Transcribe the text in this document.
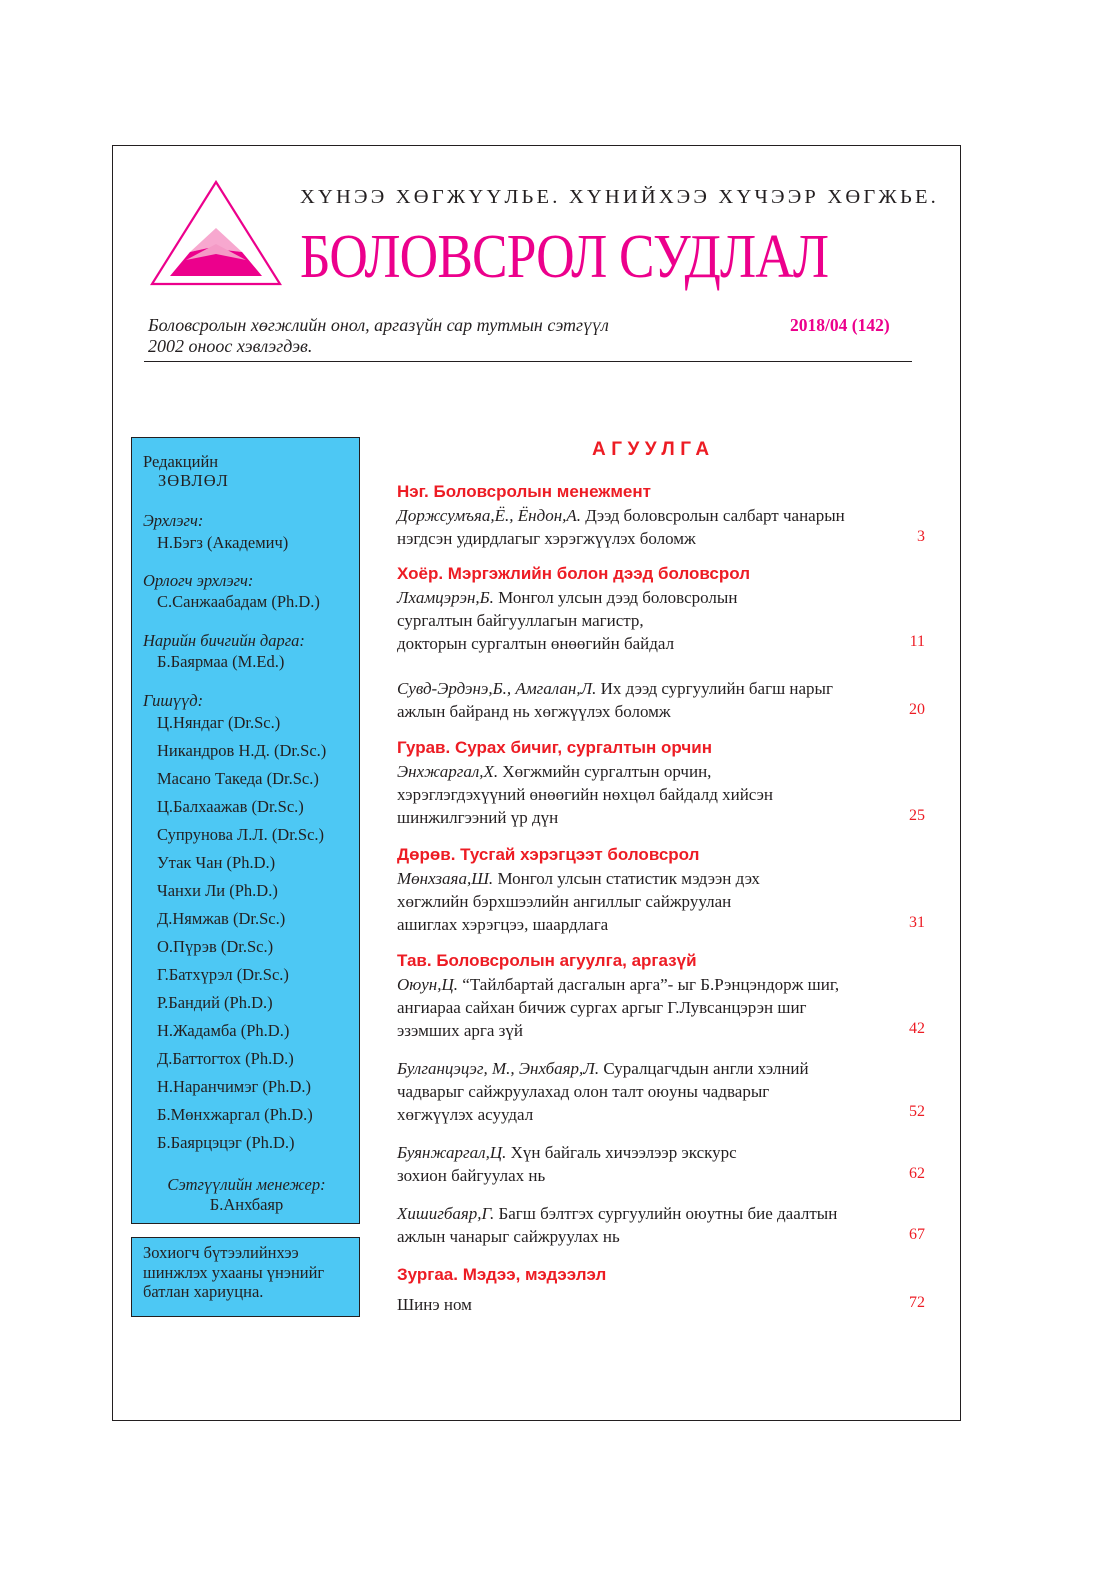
ХҮНЭЭ ХӨГЖҮҮЛЬЕ. ХҮНИЙХЭЭ ХҮЧЭЭР ХӨГЖЬЕ.
БОЛОВСРОЛ СУДЛАЛ
Боловсролын хөгжлийн онол, аргазүйн сар тутмын сэтгүүл
2002 оноос хэвлэгдэв.
2018/04 (142)
Редакцийн
ЗӨВЛӨЛ
Эрхлэгч:
Н.Бэгз (Академич)
Орлогч эрхлэгч:
С.Санжаабадам (Ph.D.)
Нарийн бичгийн дарга:
Б.Баярмаа (M.Ed.)
Гишүүд:
Ц.Няндаг (Dr.Sc.)
Никандров Н.Д. (Dr.Sc.)
Масано Такеда (Dr.Sc.)
Ц.Балхаажав (Dr.Sc.)
Супрунова Л.Л. (Dr.Sc.)
Утак Чан (Ph.D.)
Чанхи Ли (Ph.D.)
Д.Нямжав (Dr.Sc.)
О.Пүрэв (Dr.Sc.)
Г.Батхүрэл (Dr.Sc.)
Р.Бандий (Ph.D.)
Н.Жадамба (Ph.D.)
Д.Баттогтох (Ph.D.)
Н.Наранчимэг (Ph.D.)
Б.Мөнхжаргал (Ph.D.)
Б.Баярцэцэг (Ph.D.)
Сэтгүүлийн менежер:
Б.Анхбаяр
Зохиогч бүтээлийнхээ
шинжлэх ухааны үнэнийг
батлан хариуцна.
АГУУЛГА
Нэг. Боловсролын менежмент
Доржсумъяа,Ё., Ёндон,А. Дээд боловсролын салбарт чанарын
нэгдсэн удирдлагыг хэрэгжүүлэх боломж	3
Хоёр. Мэргэжлийн болон дээд боловсрол
Лхамцэрэн,Б. Монгол улсын дээд боловсролын
сургалтын байгууллагын магистр,
докторын сургалтын өнөөгийн байдал	11
Сувд-Эрдэнэ,Б., Амгалан,Л. Их дээд сургуулийн багш нарыг
ажлын байранд нь хөгжүүлэх боломж	20
Гурав. Сурах бичиг, сургалтын орчин
Энхжаргал,Х. Хөгжмийн сургалтын орчин,
хэрэглэгдэхүүний өнөөгийн нөхцөл байдалд хийсэн
шинжилгээний үр дүн	25
Дөрөв. Тусгай хэрэгцээт боловсрол
Мөнхзаяа,Ш. Монгол улсын статистик мэдээн дэх
хөгжлийн бэрхшээлийн ангиллыг сайжруулан
ашиглах хэрэгцээ, шаардлага	31
Тав. Боловсролын агуулга, аргазүй
Оюун,Ц. “Тайлбартай дасгалын арга”- ыг Б.Рэнцэндорж шиг,
ангиараа сайхан бичиж сургах аргыг Г.Лувсанцэрэн шиг
эзэмших арга зүй	42
Булганцэцэг, М., Энхбаяр,Л. Суралцагчдын англи хэлний
чадварыг сайжруулахад олон талт оюуны чадварыг
хөгжүүлэх асуудал	52
Буянжаргал,Ц. Хүн байгаль хичээлээр экскурс
зохион байгуулах нь	62
Хишигбаяр,Г. Багш бэлтгэх сургуулийн оюутны бие даалтын
ажлын чанарыг сайжруулах нь	67
Зургаа. Мэдээ, мэдээлэл
Шинэ ном	72
